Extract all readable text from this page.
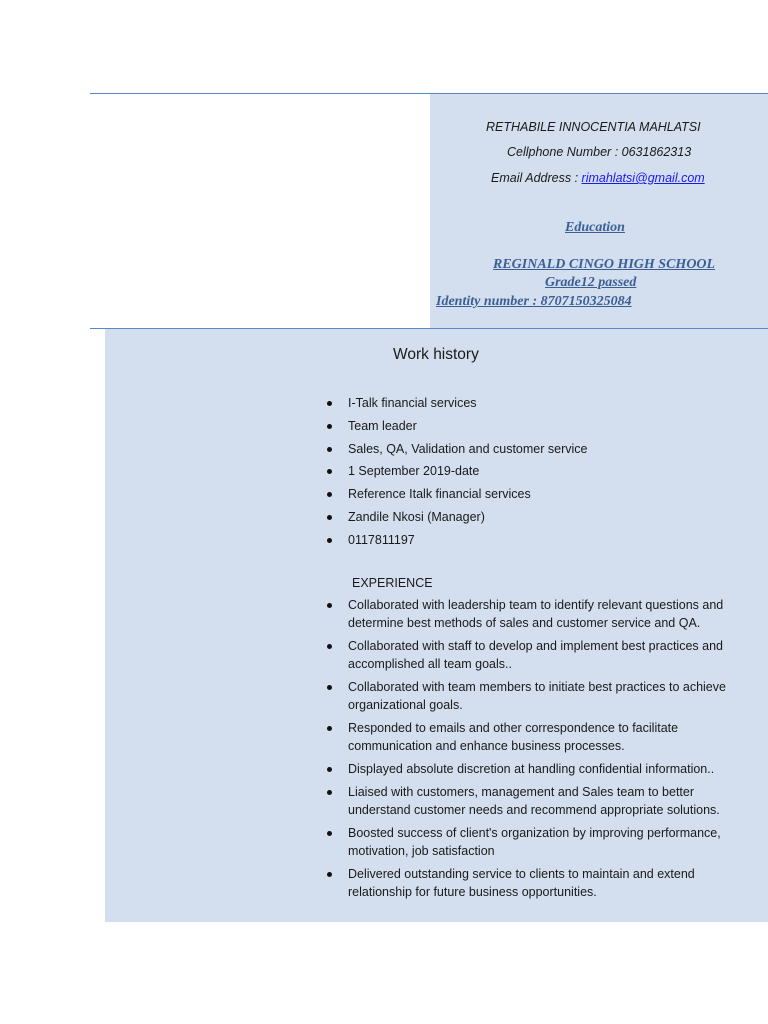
RETHABILE INNOCENTIA MAHLATSI
Cellphone Number : 0631862313
Email Address : rimahlatsi@gmail.com
Education
REGINALD CINGO HIGH SCHOOL
Grade12 passed
Identity number : 8707150325084
Work history
I-Talk financial services
Team leader
Sales, QA, Validation and customer service
1 September 2019-date
Reference Italk financial services
Zandile Nkosi (Manager)
0117811197
EXPERIENCE
Collaborated with leadership team to identify relevant questions and determine best methods of sales and customer service and QA.
Collaborated with staff to develop and implement best practices and accomplished all team goals..
Collaborated with team members to initiate best practices to achieve organizational goals.
Responded to emails and other correspondence to facilitate communication and enhance business processes.
Displayed absolute discretion at handling confidential information..
Liaised with customers, management and Sales team to better understand customer needs and recommend appropriate solutions.
Boosted success of client's organization by improving performance, motivation, job satisfaction
Delivered outstanding service to clients to maintain and extend relationship for future business opportunities.
